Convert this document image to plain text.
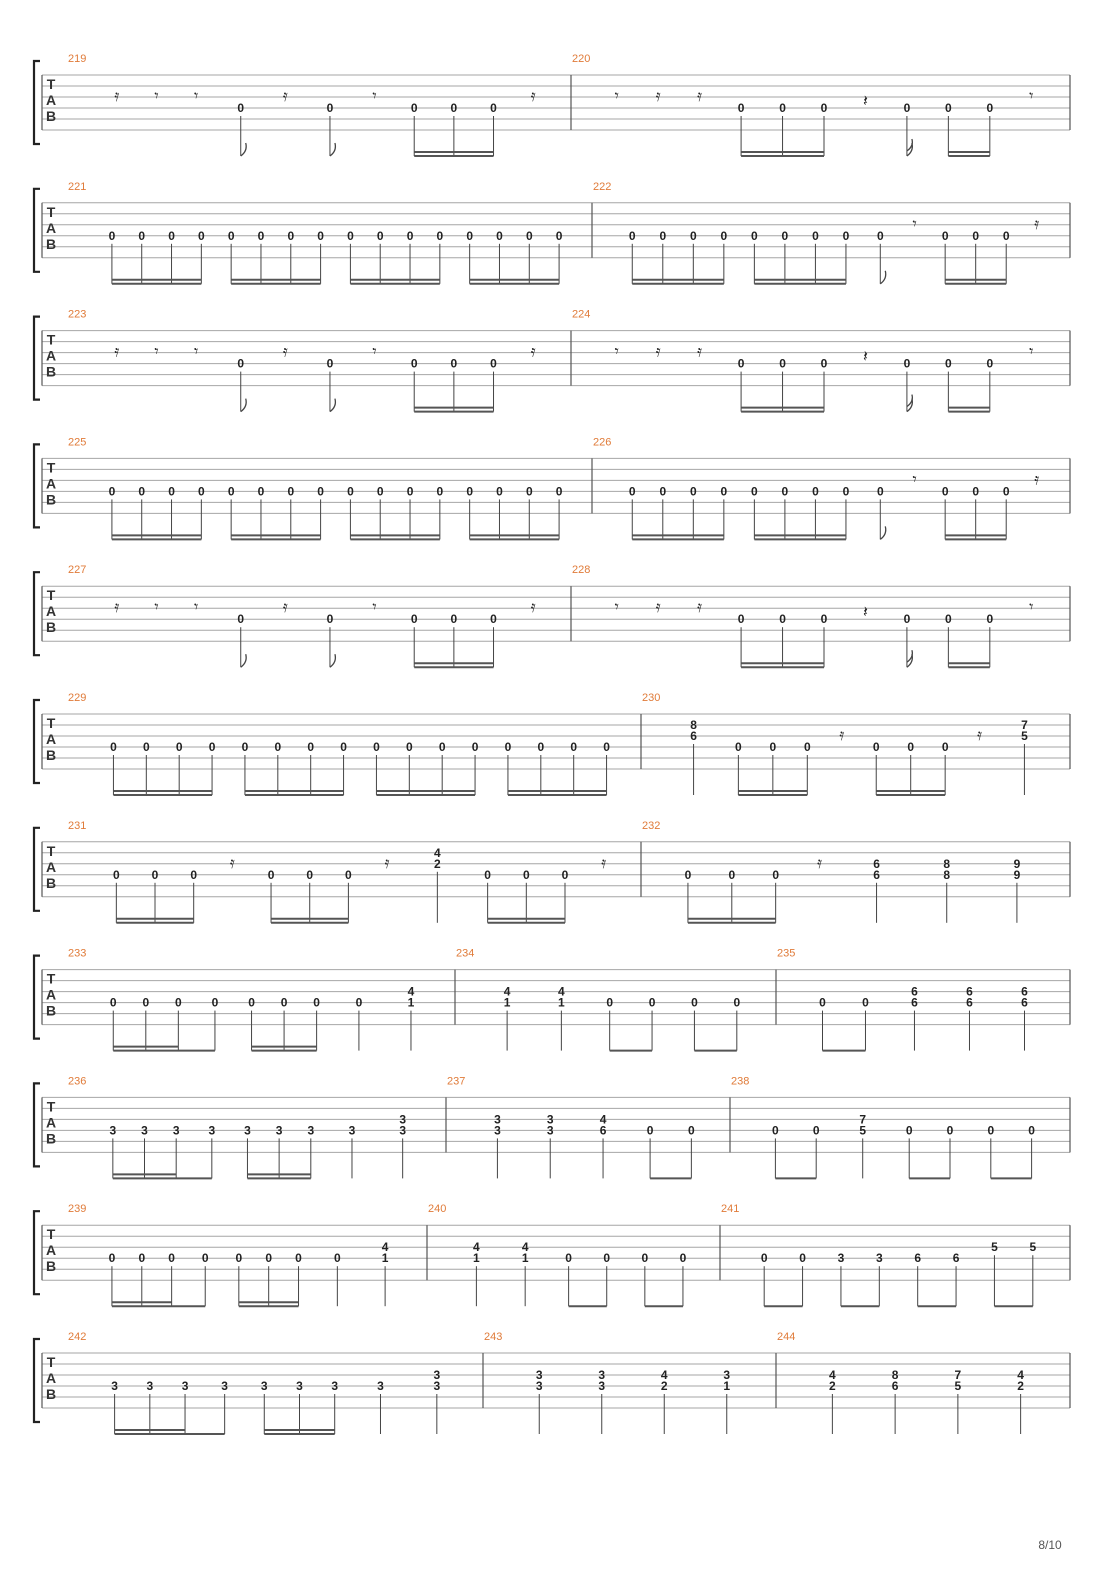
T
A
B
219
𝄿 𝄾 𝄾
0
𝄿
0
𝄾
0	0	0
𝄿
220
𝄾 𝄿 𝄿
0	0	0 𝄽	0	0	0
𝄾
T
A
B
221
0 0 0 0 0 0 0 0 0 0 0 0 0 0 0 0
222
0 0 0 0 0 0 0 0 0
𝄾
0 0 0
𝄿
T
A
B
223
𝄿 𝄾 𝄾
0
𝄿
0
𝄾
0	0	0
𝄿
224
𝄾 𝄿 𝄿
0	0	0 𝄽	0	0	0
𝄾
T
A
B
225
0 0 0 0 0 0 0 0 0 0 0 0 0 0 0 0
226
0 0 0 0 0 0 0 0 0
𝄾
0 0 0
𝄿
T
A
B
227
𝄿 𝄾 𝄾
0
𝄿
0
𝄾
0	0	0
𝄿
228
𝄾 𝄿 𝄿
0	0	0 𝄽	0	0	0
𝄾
T
A
B
229
0 0 0 0 0 0 0 0 0 0 0 0 0 0 0 0
230
8
6
0 0 0
𝄿
0 0 0
𝄿	7
5
T
A
B
231
0	0	0
𝄿
0	0	0
𝄿	4
2
0	0	0
𝄿
232
0	0	0
𝄿	6
6
8
8
9
9
T
A
B
233
0 0 0 0 0 0 0	0
4
1
234
4
1
4
1	0	0	0	0
235
0	0
6
6
6
6
6
6
T
A
B
236
3 3 3 3 3 3 3	3
3
3
237
3
3
3
3
4
6	0	0
238
0	0
7
5	0	0	0	0
T
A
B
239
0 0 0 0 0 0 0	0
4
1
240
4
1
4
1	0	0	0	0
241
0	0	3	3	6	6
5	5
T
A
B
242
3 3 3	3	3 3 3	3
3
3
243
3
3
3
3
4
2
3
1
244
4
2
8
6
7
5
4
2
8/10
